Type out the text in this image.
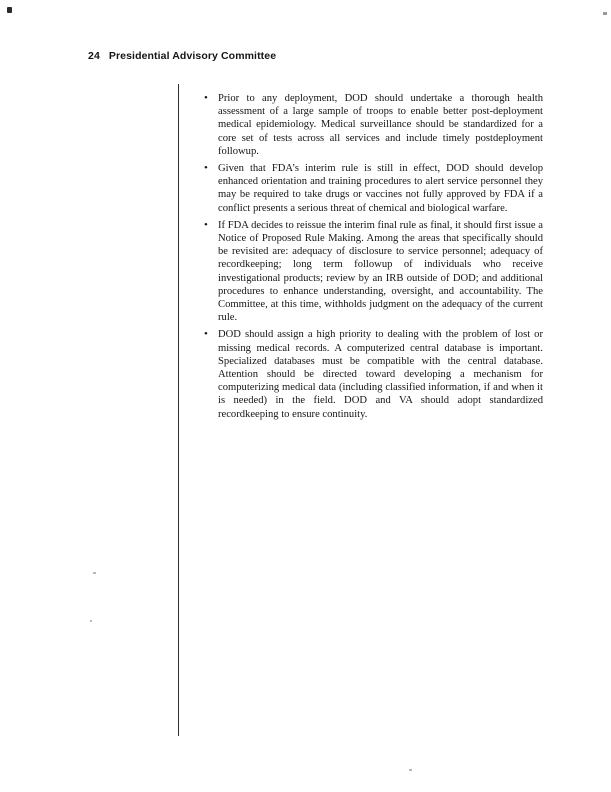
24 Presidential Advisory Committee
• Prior to any deployment, DOD should undertake a thorough health assessment of a large sample of troops to enable better post-deployment medical epidemiology. Medical surveillance should be standardized for a core set of tests across all services and include timely postdeployment followup.
• Given that FDA’s interim rule is still in effect, DOD should develop enhanced orientation and training procedures to alert service personnel they may be required to take drugs or vaccines not fully approved by FDA if a conflict presents a serious threat of chemical and biological warfare.
• If FDA decides to reissue the interim final rule as final, it should first issue a Notice of Proposed Rule Making. Among the areas that specifically should be revisited are: adequacy of disclosure to service personnel; adequacy of recordkeeping; long term followup of individuals who receive investigational products; review by an IRB outside of DOD; and additional procedures to enhance understanding, oversight, and accountability. The Committee, at this time, withholds judgment on the adequacy of the current rule.
• DOD should assign a high priority to dealing with the problem of lost or missing medical records. A computerized central database is important. Specialized databases must be compatible with the central database. Attention should be directed toward developing a mechanism for computerizing medical data (including classified information, if and when it is needed) in the field. DOD and VA should adopt standardized recordkeeping to ensure continuity.
